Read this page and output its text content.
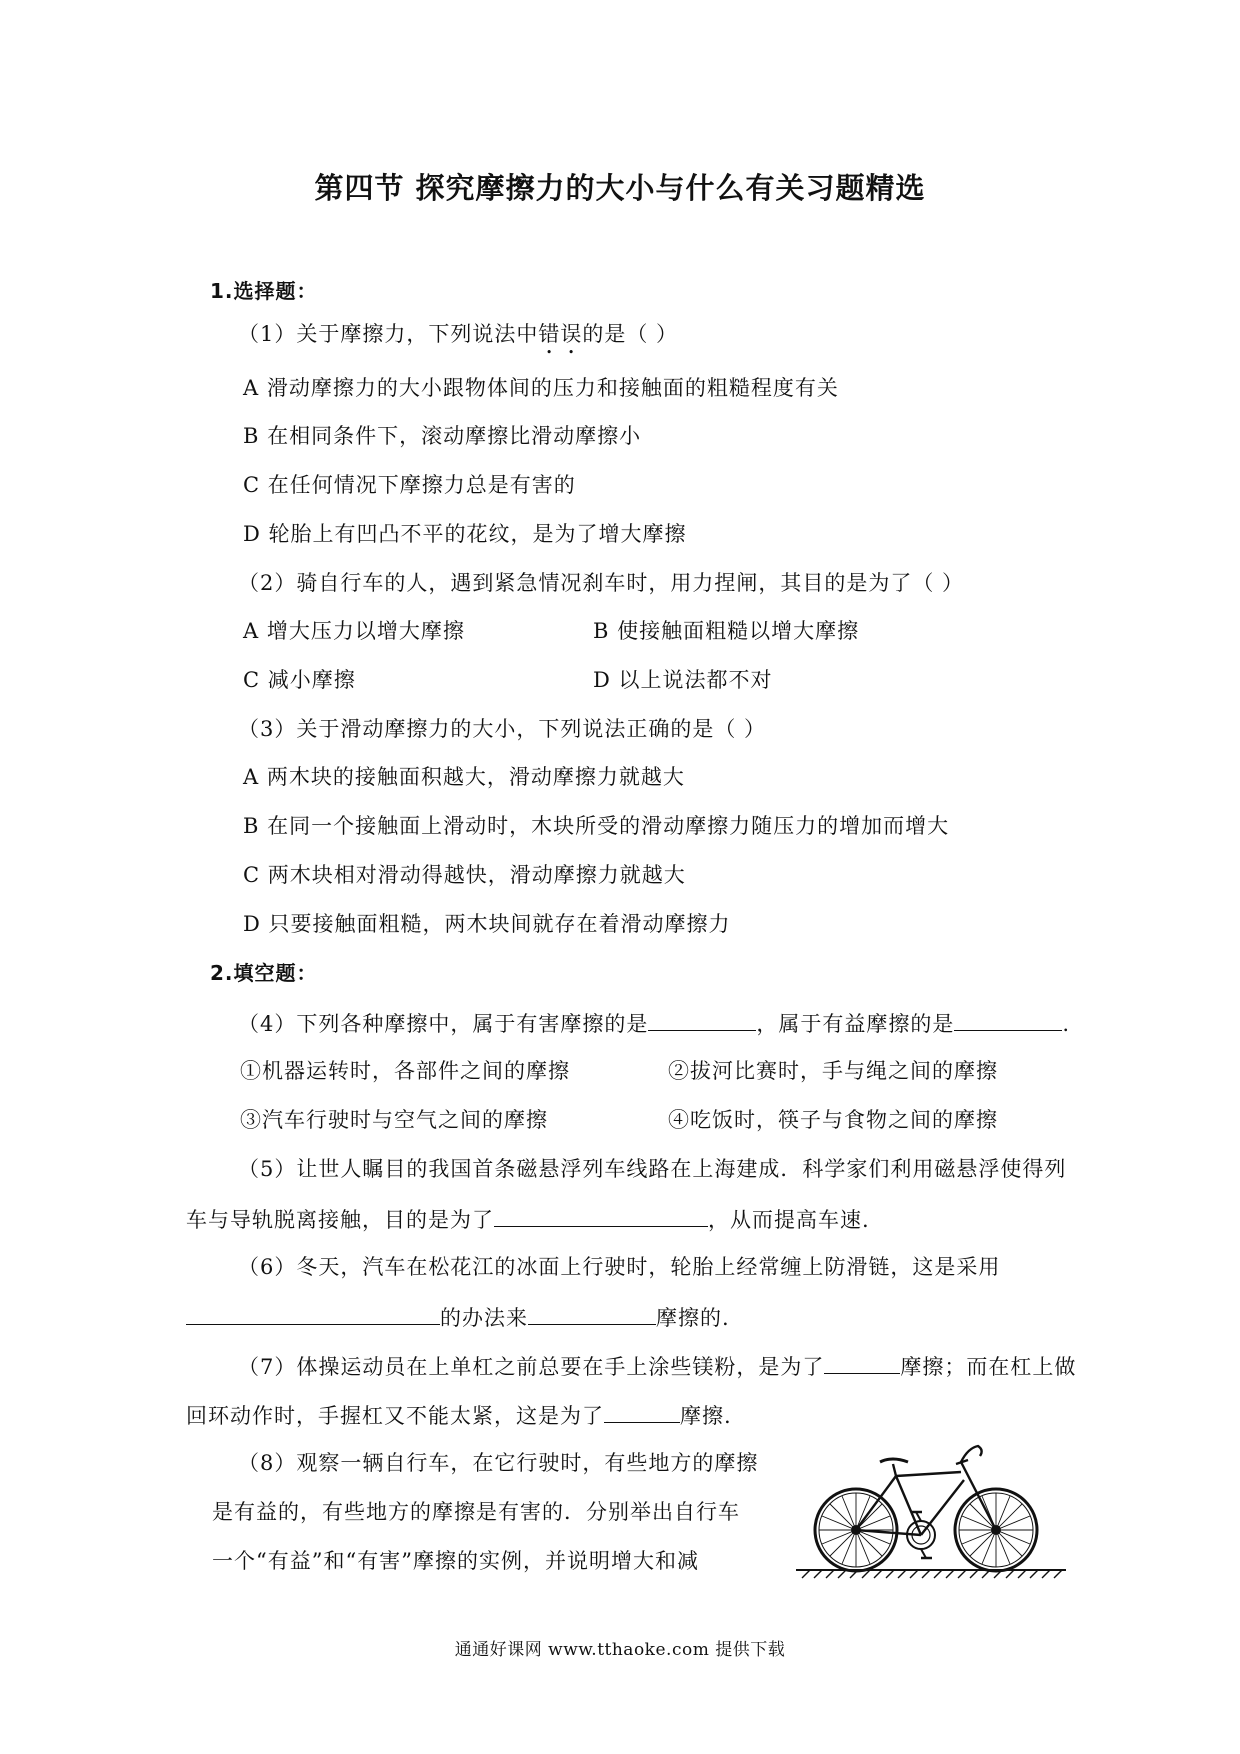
第四节 探究摩擦力的大小与什么有关习题精选
1.选择题：
（1）关于摩擦力，下列说法中错误的是（ ）
A 滑动摩擦力的大小跟物体间的压力和接触面的粗糙程度有关
B 在相同条件下，滚动摩擦比滑动摩擦小
C 在任何情况下摩擦力总是有害的
D 轮胎上有凹凸不平的花纹，是为了增大摩擦
（2）骑自行车的人，遇到紧急情况刹车时，用力捏闸，其目的是为了（ ）
A 增大压力以增大摩擦	B 使接触面粗糙以增大摩擦
C 减小摩擦	D 以上说法都不对
（3）关于滑动摩擦力的大小，下列说法正确的是（ ）
A 两木块的接触面积越大，滑动摩擦力就越大
B 在同一个接触面上滑动时，木块所受的滑动摩擦力随压力的增加而增大
C 两木块相对滑动得越快，滑动摩擦力就越大
D 只要接触面粗糙，两木块间就存在着滑动摩擦力
2.填空题：
（4）下列各种摩擦中，属于有害摩擦的是	，属于有益摩擦的是	.
①机器运转时，各部件之间的摩擦	②拔河比赛时，手与绳之间的摩擦
③汽车行驶时与空气之间的摩擦	④吃饭时，筷子与食物之间的摩擦
（5）让世人瞩目的我国首条磁悬浮列车线路在上海建成．科学家们利用磁悬浮使得列
车与导轨脱离接触，目的是为了	，从而提高车速.
（6）冬天，汽车在松花江的冰面上行驶时，轮胎上经常缠上防滑链，这是采用
的办法来	摩擦的.
（7）体操运动员在上单杠之前总要在手上涂些镁粉，是为了	摩擦；而在杠上做
回环动作时，手握杠又不能太紧，这是为了	摩擦.
（8）观察一辆自行车，在它行驶时，有些地方的摩擦
是有益的，有些地方的摩擦是有害的．分别举出自行车
一个“有益”和“有害”摩擦的实例，并说明增大和减
通通好课网 www.tthaoke.com 提供下载
